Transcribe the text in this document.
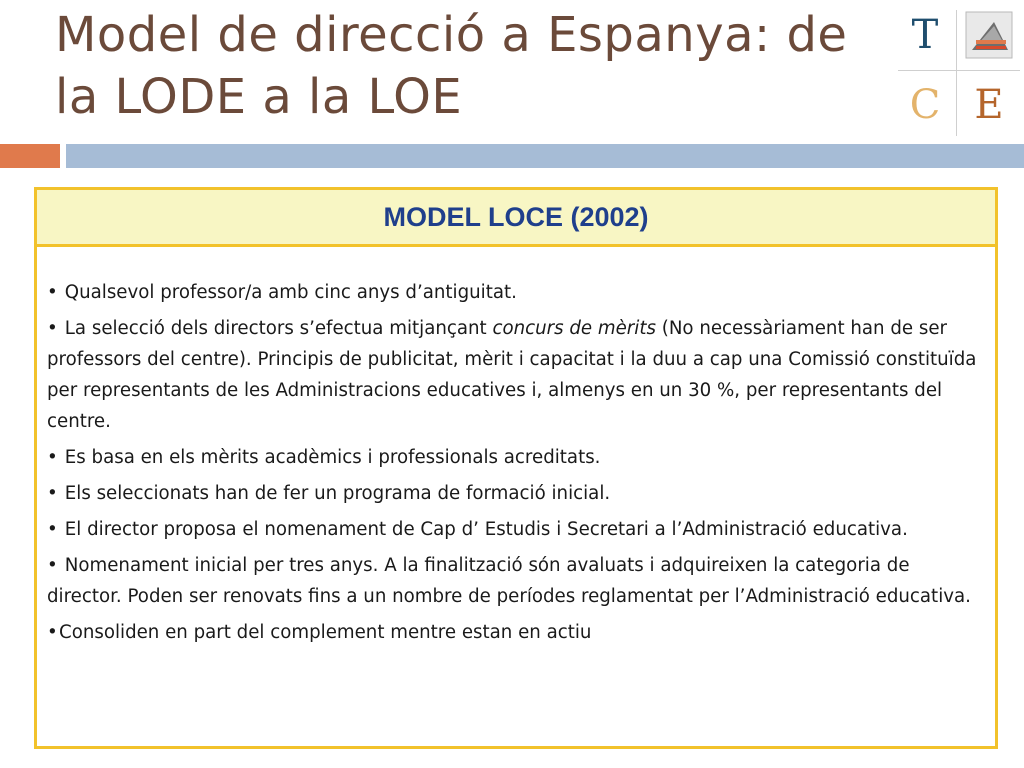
Model de direcció a Espanya: de
la LODE a la LOE
T
C E
MODEL LOCE (2002)

• Qualsevol professor/a amb cinc anys d’antiguitat.

• La selecció dels directors s’efectua mitjançant concurs de mèrits (No necessàriament han de ser professors del centre). Principis de publicitat, mèrit i capacitat i la duu a cap una Comissió constituïda per representants de les Administracions educatives i, almenys en un 30 %, per representants del centre.

• Es basa en els mèrits acadèmics i professionals acreditats.

• Els seleccionats han de fer un programa de formació inicial.

• El director proposa el nomenament de Cap d’ Estudis i Secretari a l’Administració educativa.

• Nomenament inicial per tres anys. A la finalització són avaluats i adquireixen la categoria de director. Poden ser renovats fins a un nombre de períodes reglamentat per l’Administració educativa.

•Consoliden en part del complement mentre estan en actiu
